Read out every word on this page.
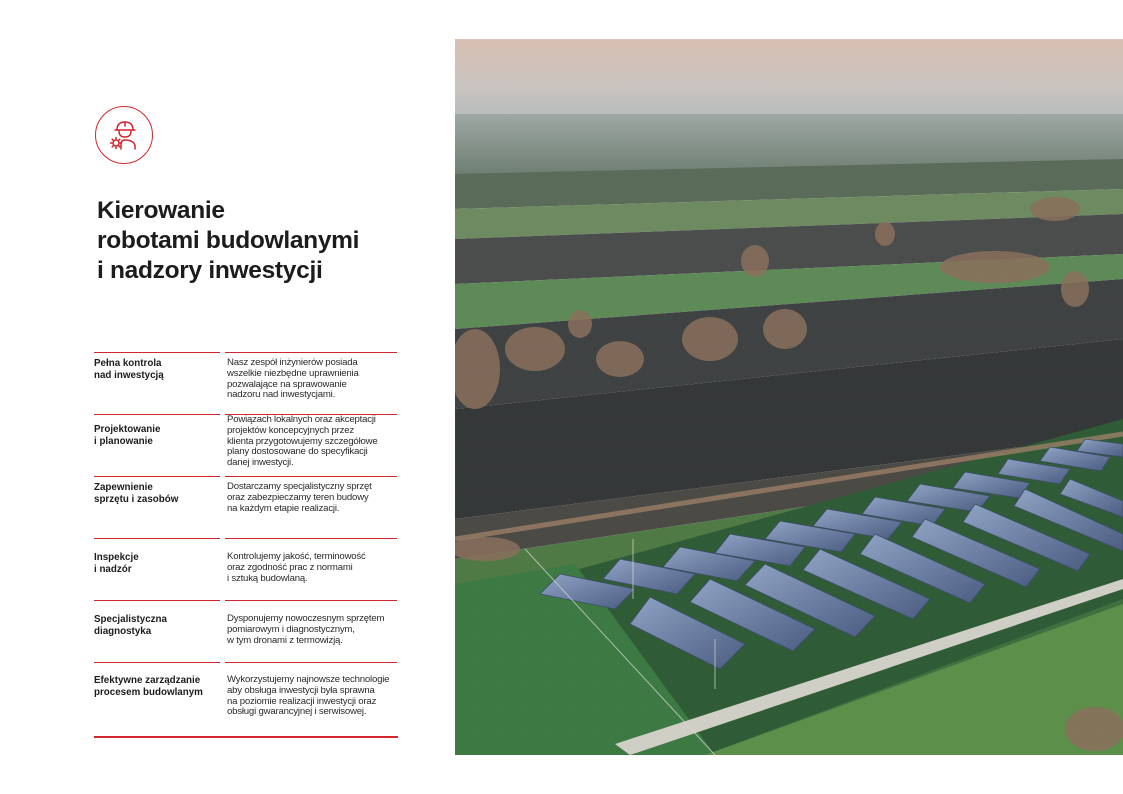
Kierowanie
robotami budowlanymi
i nadzory inwestycji
Pełna kontrola
nad inwestycją
Nasz zespół inżynierów posiada
wszelkie niezbędne uprawnienia
pozwalające na sprawowanie
nadzoru nad inwestycjami.
Projektowanie
i planowanie
Powiązach lokalnych oraz akceptacji
projektów koncepcyjnych przez
klienta przygotowujemy szczegółowe
plany dostosowane do specyfikacji
danej inwestycji.
Zapewnienie
sprzętu i zasobów
Dostarczamy specjalistyczny sprzęt
oraz zabezpieczamy teren budowy
na każdym etapie realizacji.
Inspekcje
i nadzór
Kontrolujemy jakość, terminowość
oraz zgodność prac z normami
i sztuką budowlaną.
Specjalistyczna
diagnostyka
Dysponujemy nowoczesnym sprzętem
pomiarowym i diagnostycznym,
w tym dronami z termowizją.
Efektywne zarządzanie
procesem budowlanym
Wykorzystujemy najnowsze technologie
aby obsługa inwestycji była sprawna
na poziomie realizacji inwestycji oraz
obsługi gwarancyjnej i serwisowej.
